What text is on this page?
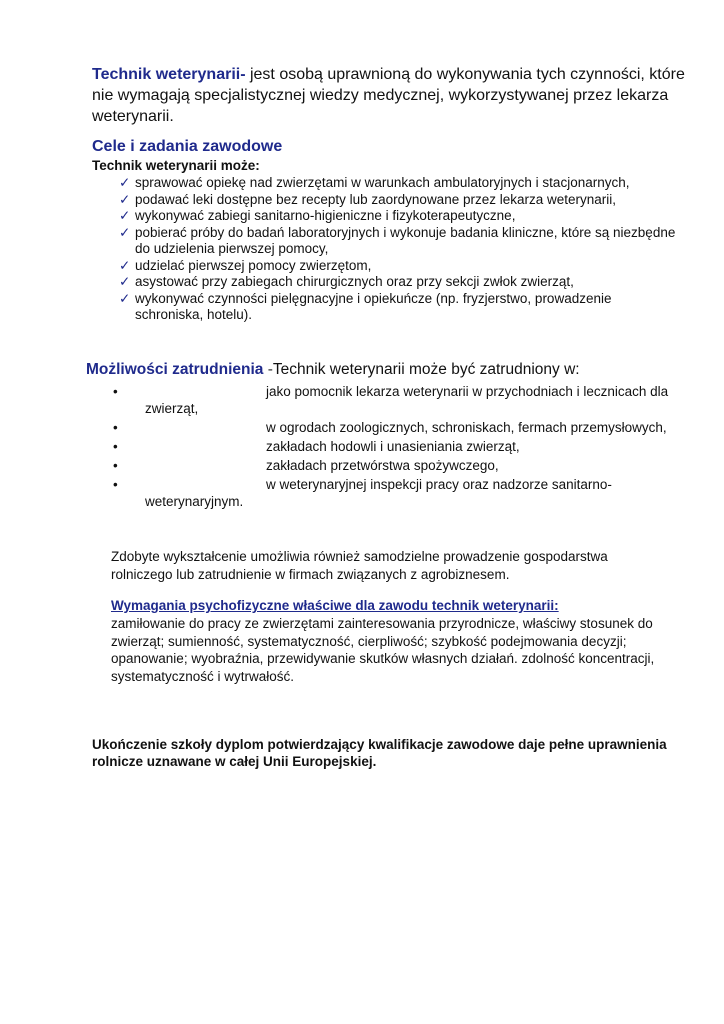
Technik weterynarii- jest osobą uprawnioną do wykonywania tych czynności, które nie wymagają specjalistycznej wiedzy medycznej, wykorzystywanej przez lekarza weterynarii.
Cele i zadania zawodowe
Technik weterynarii może:
✓ sprawować opiekę nad zwierzętami w warunkach ambulatoryjnych i stacjonarnych,
✓ podawać leki dostępne bez recepty lub zaordynowane przez lekarza weterynarii,
✓ wykonywać zabiegi sanitarno-higieniczne i fizykoterapeutyczne,
✓ pobierać próby do badań laboratoryjnych i wykonuje badania kliniczne, które są niezbędne do udzielenia pierwszej pomocy,
✓ udzielać pierwszej pomocy zwierzętom,
✓ asystować przy zabiegach chirurgicznych oraz przy sekcji zwłok zwierząt,
✓ wykonywać czynności pielęgnacyjne i opiekuńcze (np. fryzjerstwo, prowadzenie schroniska, hotelu).
Możliwości zatrudnienia -Technik weterynarii może być zatrudniony w:
•	jako pomocnik lekarza weterynarii w przychodniach i lecznicach dla zwierząt,
•	w ogrodach zoologicznych, schroniskach, fermach przemysłowych,
•	zakładach hodowli i unasieniania zwierząt,
•	zakładach przetwórstwa spożywczego,
•	w weterynaryjnej inspekcji pracy oraz nadzorze sanitarno-weterynaryjnym.
Zdobyte wykształcenie umożliwia również samodzielne prowadzenie gospodarstwa rolniczego lub zatrudnienie w firmach związanych z agrobiznesem.
Wymagania psychofizyczne właściwe dla zawodu technik weterynarii:
zamiłowanie do pracy ze zwierzętami zainteresowania przyrodnicze, właściwy stosunek do zwierząt; sumienność, systematyczność, cierpliwość; szybkość podejmowania decyzji; opanowanie; wyobraźnia, przewidywanie skutków własnych działań. zdolność koncentracji, systematyczność i wytrwałość.
Ukończenie szkoły dyplom potwierdzający kwalifikacje zawodowe daje pełne uprawnienia rolnicze uznawane w całej Unii Europejskiej.
